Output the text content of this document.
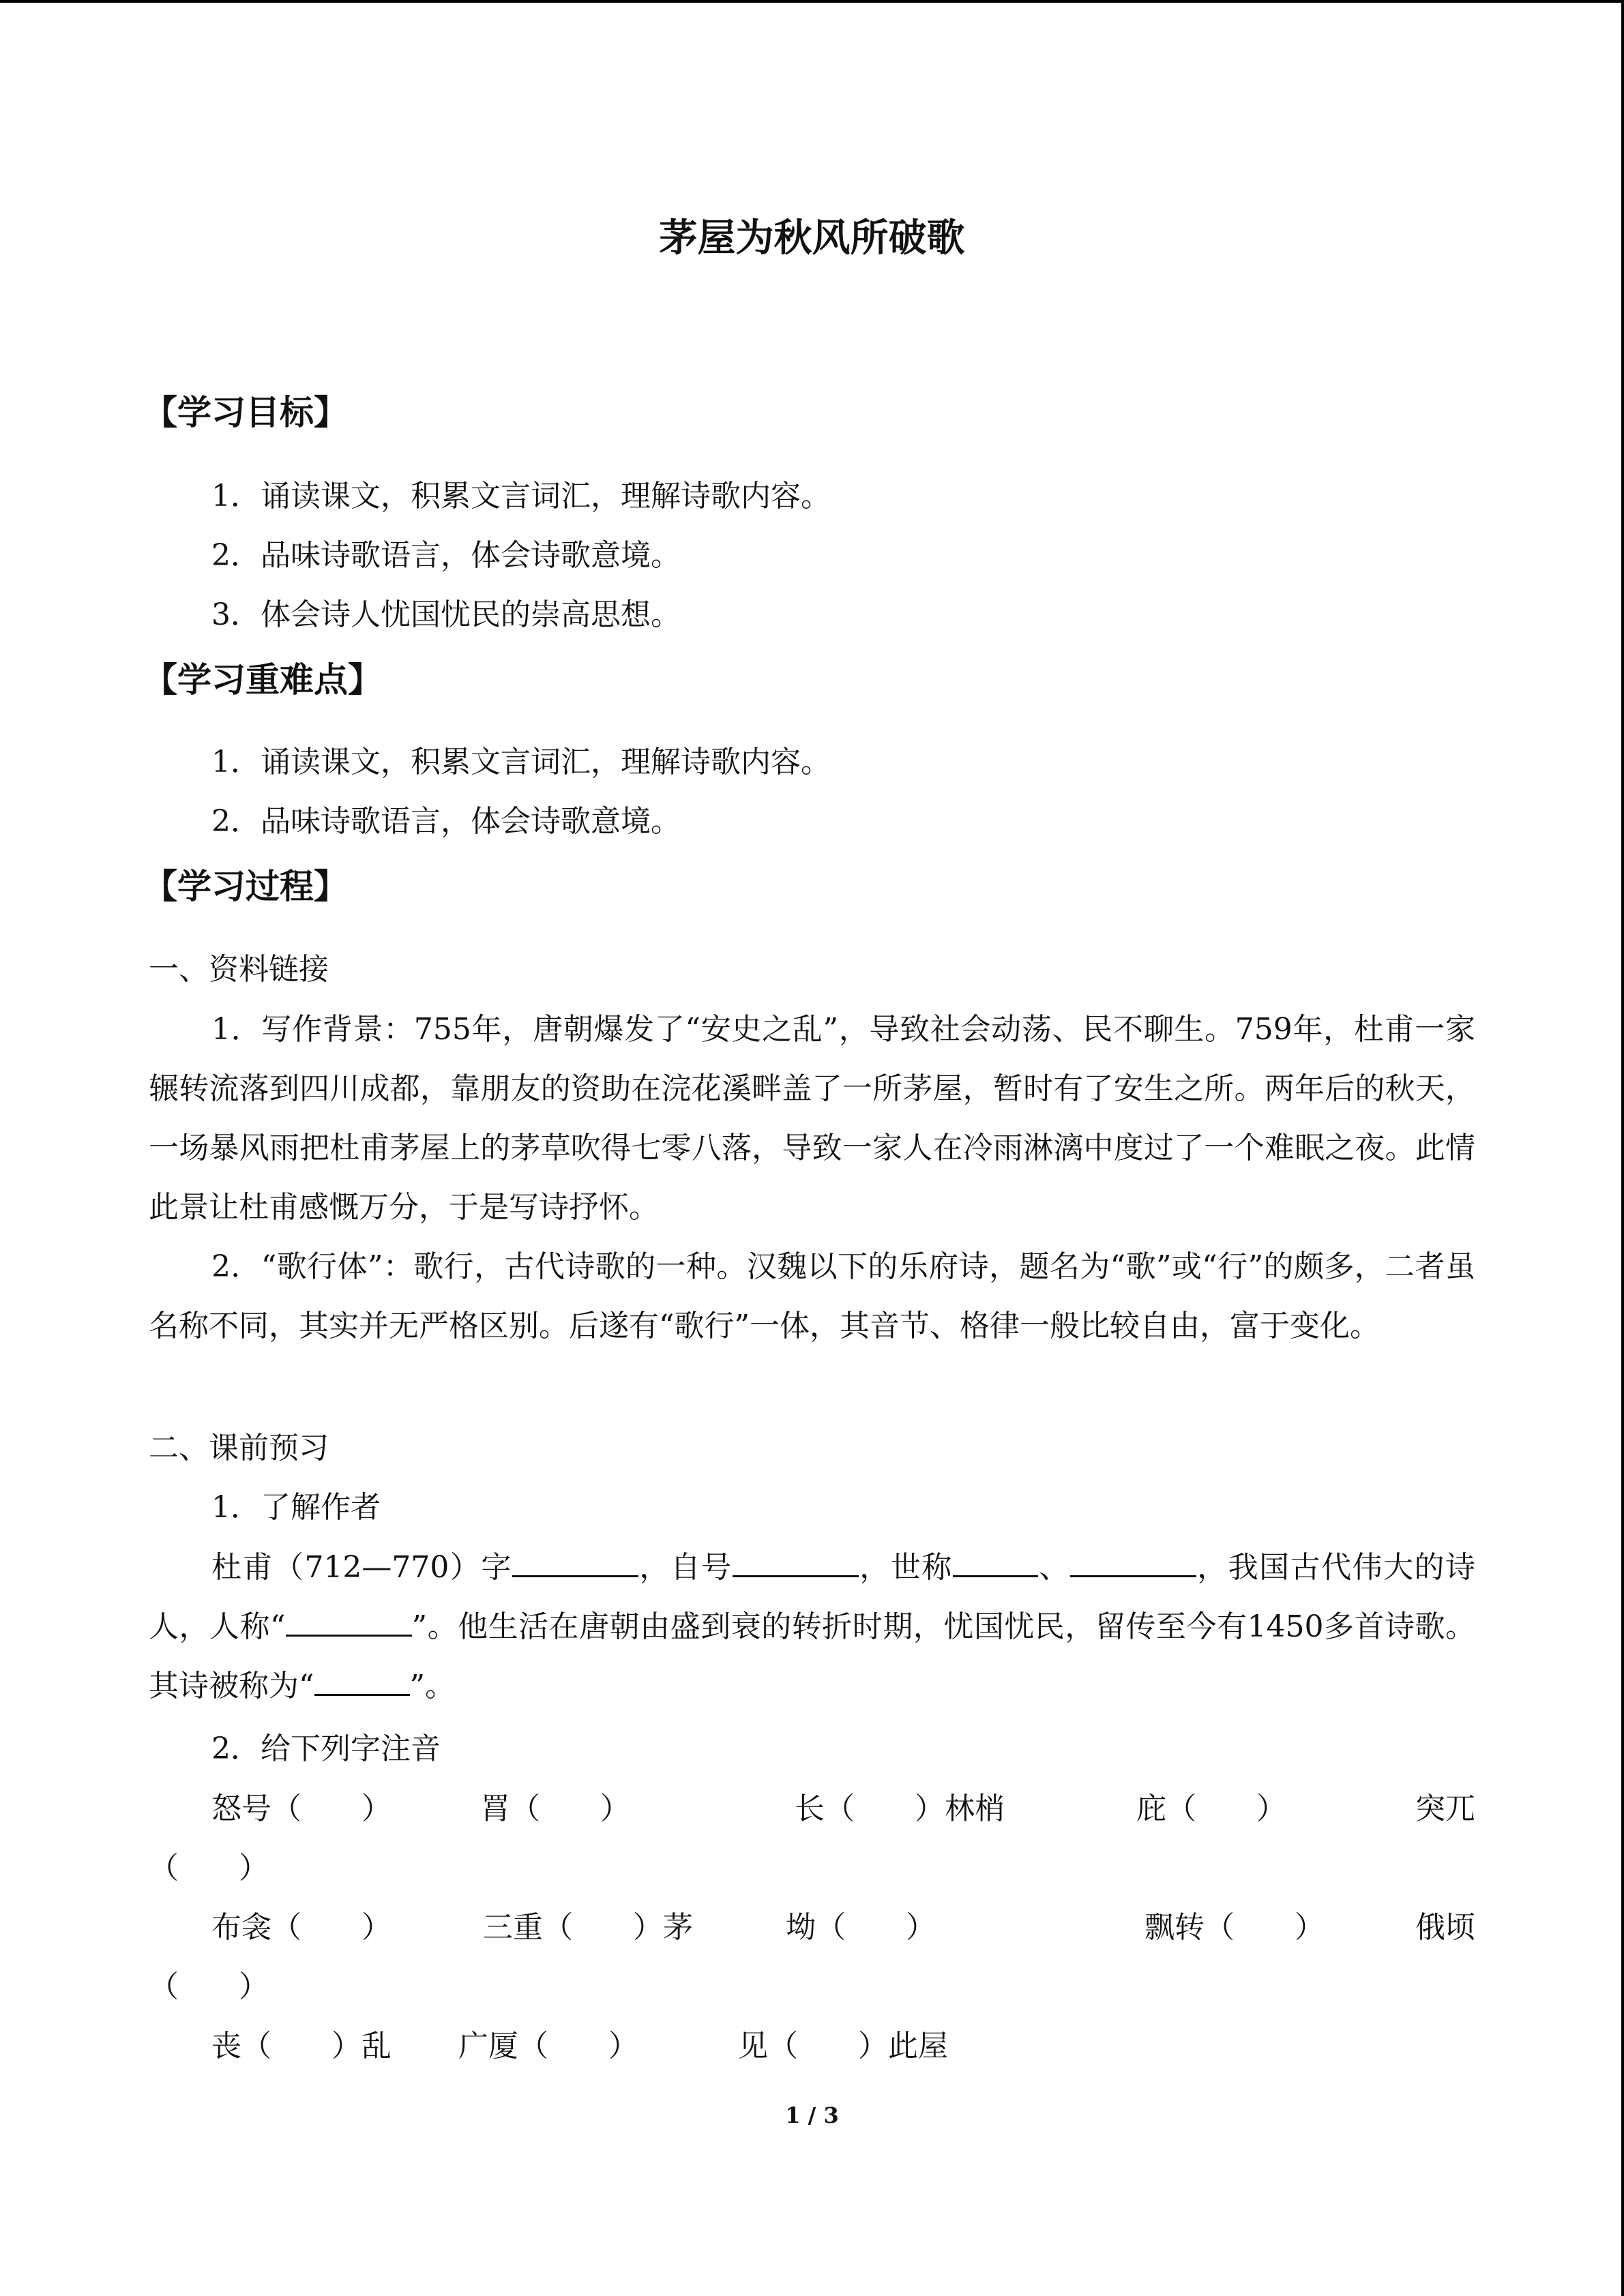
茅屋为秋风所破歌
【学习目标】
1．诵读课文，积累文言词汇，理解诗歌内容。
2．品味诗歌语言，体会诗歌意境。
3．体会诗人忧国忧民的崇高思想。
【学习重难点】
1．诵读课文，积累文言词汇，理解诗歌内容。
2．品味诗歌语言，体会诗歌意境。
【学习过程】
一、资料链接
1．写作背景：755年，唐朝爆发了“安史之乱”，导致社会动荡、民不聊生。759年，杜甫一家辗转流落到四川成都，靠朋友的资助在浣花溪畔盖了一所茅屋，暂时有了安生之所。两年后的秋天，一场暴风雨把杜甫茅屋上的茅草吹得七零八落，导致一家人在冷雨淋漓中度过了一个难眠之夜。此情此景让杜甫感慨万分，于是写诗抒怀。
2．“歌行体”：歌行，古代诗歌的一种。汉魏以下的乐府诗，题名为“歌”或“行”的颇多，二者虽名称不同，其实并无严格区别。后遂有“歌行”一体，其音节、格律一般比较自由，富于变化。
二、课前预习
1．了解作者
杜甫（712—770）字	，自号	，世称	、	，我国古代伟大的诗人，人称“	”。他生活在唐朝由盛到衰的转折时期，忧国忧民，留传至今有1450多首诗歌。其诗被称为“	”。
2．给下列字注音
怒号（　　）	罥（　　）	长（　　）林梢	庇（　　）	突兀
（　　）
布衾（　　）	三重（　　）茅	坳（　　）	飘转（　　）	俄顷
（　　）
丧（　　）乱 广厦（　　）	见（　　）此屋
1 / 3
